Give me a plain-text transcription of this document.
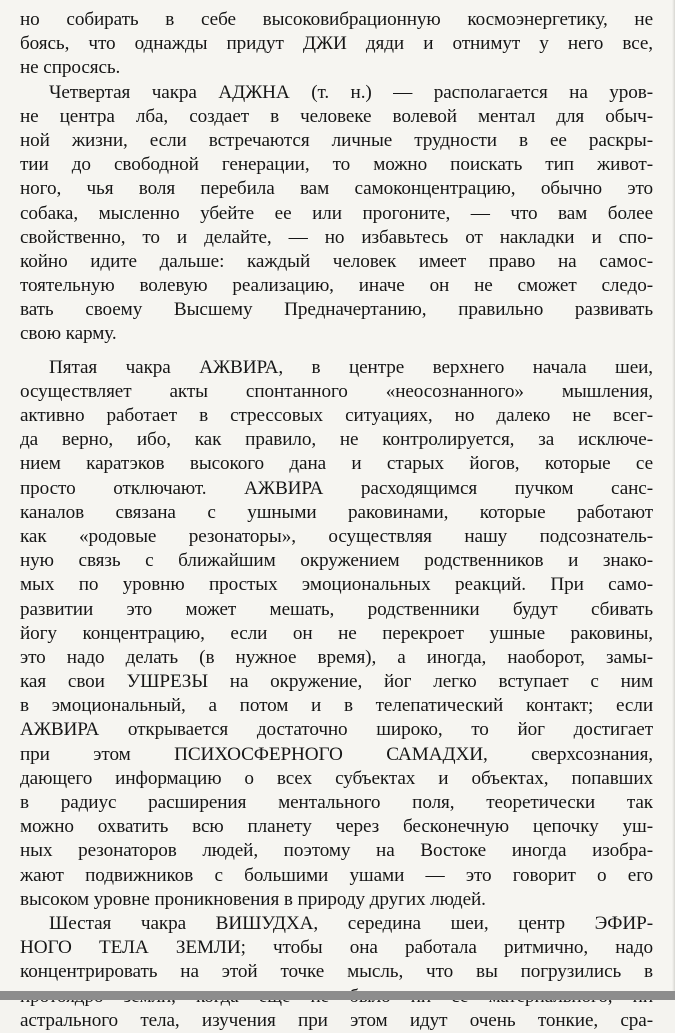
но собирать в себе высоковибрационную космоэнергетику, не
боясь, что однажды придут ДЖИ дяди и отнимут у него все,
не спросясь.
Четвертая чакра АДЖНА (т. н.) — располагается на уров-
не центра лба, создает в человеке волевой ментал для обыч-
ной жизни, если встречаются личные трудности в ее раскры-
тии до свободной генерации, то можно поискать тип живот-
ного, чья воля перебила вам самоконцентрацию, обычно это
собака, мысленно убейте ее или прогоните, — что вам более
свойственно, то и делайте, — но избавьтесь от накладки и спо-
койно идите дальше: каждый человек имеет право на самос-
тоятельную волевую реализацию, иначе он не сможет следо-
вать своему Высшему Предначертанию, правильно развивать
свою карму.
Пятая чакра АЖВИРА, в центре верхнего начала шеи,
осуществляет акты спонтанного «неосознанного» мышления,
активно работает в стрессовых ситуациях, но далеко не всег-
да верно, ибо, как правило, не контролируется, за исключе-
нием каратэков высокого дана и старых йогов, которые се
просто отключают. АЖВИРА расходящимся пучком санс-
каналов связана с ушными раковинами, которые работают
как «родовые резонаторы», осуществляя нашу подсознатель-
ную связь с ближайшим окружением родственников и знако-
мых по уровню простых эмоциональных реакций. При само-
развитии это может мешать, родственники будут сбивать
йогу концентрацию, если он не перекроет ушные раковины,
это надо делать (в нужное время), а иногда, наоборот, замы-
кая свои УШРЕЗЫ на окружение, йог легко вступает с ним
в эмоциональный, а потом и в телепатический контакт; если
АЖВИРА открывается достаточно широко, то йог достигает
при этом ПСИХОСФЕРНОГО САМАДХИ, сверхсознания,
дающего информацию о всех субъектах и объектах, попавших
в радиус расширения ментального поля, теоретически так
можно охватить всю планету через бесконечную цепочку уш-
ных резонаторов людей, поэтому на Востоке иногда изобра-
жают подвижников с большими ушами — это говорит о его
высоком уровне проникновения в природу других людей.
Шестая чакра ВИШУДХА, середина шеи, центр ЭФИР-
НОГО ТЕЛА ЗЕМЛИ; чтобы она работала ритмично, надо
концентрировать на этой точке мысль, что вы погрузились в
астрального тела, изучения при этом идут очень тонкие, сра-
